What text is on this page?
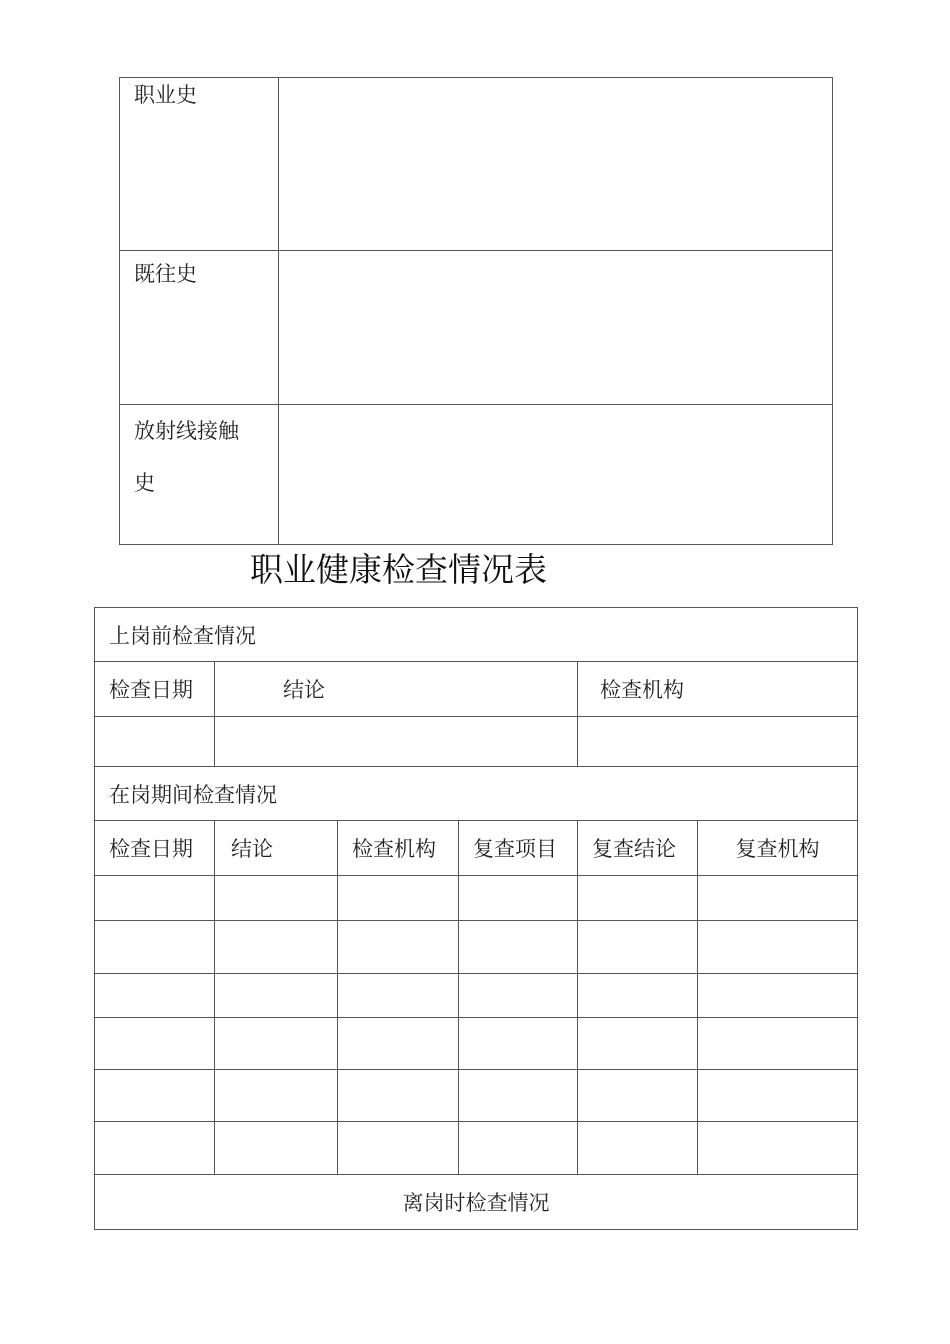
职业史	
既往史	
放射线接触
史	
职业健康检查情况表
上岗前检查情况					
检查日期	结论			检查机构	

在岗期间检查情况					
检查日期	结论	检查机构	复查项目	复查结论	复查机构

离岗时检查情况					
